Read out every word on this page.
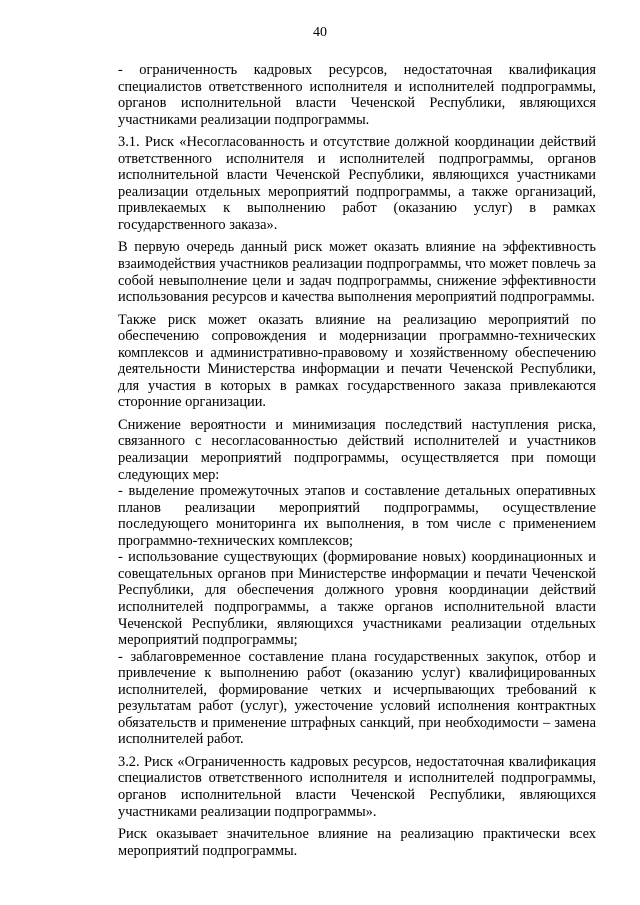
40

- ограниченность кадровых ресурсов, недостаточная квалификация специалистов ответственного исполнителя и исполнителей подпрограммы, органов исполнительной власти Чеченской Республики, являющихся участниками реализации подпрограммы.

3.1. Риск «Несогласованность и отсутствие должной координации действий ответственного исполнителя и исполнителей подпрограммы, органов исполнительной власти Чеченской Республики, являющихся участниками реализации отдельных мероприятий подпрограммы, а также организаций, привлекаемых к выполнению работ (оказанию услуг) в рамках государственного заказа».

В первую очередь данный риск может оказать влияние на эффективность взаимодействия участников реализации подпрограммы, что может повлечь за собой невыполнение цели и задач подпрограммы, снижение эффективности использования ресурсов и качества выполнения мероприятий подпрограммы.

Также риск может оказать влияние на реализацию мероприятий по обеспечению сопровождения и модернизации программно-технических комплексов и административно-правовому и хозяйственному обеспечению деятельности Министерства информации и печати Чеченской Республики, для участия в которых в рамках государственного заказа привлекаются сторонние организации.

Снижение вероятности и минимизация последствий наступления риска, связанного с несогласованностью действий исполнителей и участников реализации мероприятий подпрограммы, осуществляется при помощи следующих мер:

- выделение промежуточных этапов и составление детальных оперативных планов реализации мероприятий подпрограммы, осуществление последующего мониторинга их выполнения, в том числе с применением программно-технических комплексов;

- использование существующих (формирование новых) координационных и совещательных органов при Министерстве информации и печати Чеченской Республики, для обеспечения должного уровня координации действий исполнителей подпрограммы, а также органов исполнительной власти Чеченской Республики, являющихся участниками реализации отдельных мероприятий подпрограммы;

- заблаговременное составление плана государственных закупок, отбор и привлечение к выполнению работ (оказанию услуг) квалифицированных исполнителей, формирование четких и исчерпывающих требований к результатам работ (услуг), ужесточение условий исполнения контрактных обязательств и применение штрафных санкций, при необходимости – замена исполнителей работ.

3.2. Риск «Ограниченность кадровых ресурсов, недостаточная квалификация специалистов ответственного исполнителя и исполнителей подпрограммы, органов исполнительной власти Чеченской Республики, являющихся участниками реализации подпрограммы».

Риск оказывает значительное влияние на реализацию практически всех мероприятий подпрограммы.
